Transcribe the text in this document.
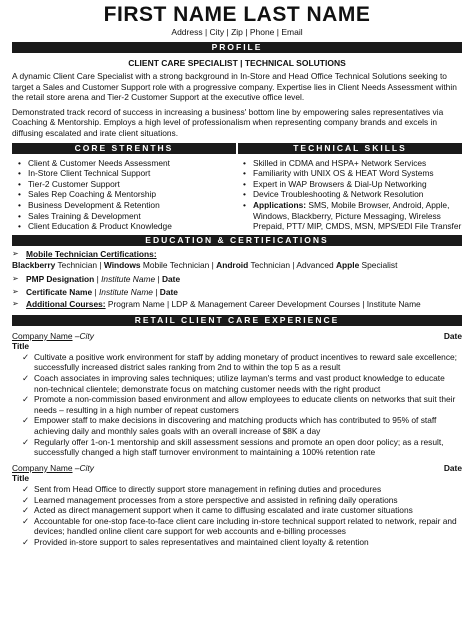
FIRST NAME LAST NAME
Address | City | Zip | Phone | Email
PROFILE
CLIENT CARE SPECIALIST | TECHNICAL SOLUTIONS

A dynamic Client Care Specialist with a strong background in In-Store and Head Office Technical Solutions seeking to target a Sales and Customer Support role with a progressive company. Expertise lies in Client Needs Assessment within the retail store arena and Tier-2 Customer Support at the executive office level.

Demonstrated track record of success in increasing a business' bottom line by empowering sales representatives via Coaching & Mentorship. Employs a high level of professionalism when representing company brands and excels in diffusing escalated and irate client situations.

CORE STRENTHS	TECHNICAL SKILLS
• Client & Customer Needs Assessment
• In-Store Client Technical Support
• Tier-2 Customer Support
• Sales Rep Coaching & Mentorship
• Business Development & Retention
• Sales Training & Development
• Client Education & Product Knowledge
• Skilled in CDMA and HSPA+ Network Services
• Familiarity with UNIX OS & HEAT Word Systems
• Expert in WAP Browsers & Dial-Up Networking
• Device Troubleshooting & Network Resolution
• Applications: SMS, Mobile Browser, Android, Apple, Windows, Blackberry, Picture Messaging, Wireless Prepaid, PTT/ MIP, CMDS, MSN, MPS/EDI File Transfer
EDUCATION & CERTIFICATIONS
➢ Mobile Technician Certifications:
Blackberry Technician | Windows Mobile Technician | Android Technician | Advanced Apple Specialist
➢ PMP Designation | Institute Name | Date
➢ Certificate Name | Institute Name | Date
➢ Additional Courses: Program Name | LDP & Management Career Development Courses | Institute Name
RETAIL CLIENT CARE EXPERIENCE
Company Name –City	Date
Title
✓ Cultivate a positive work environment for staff by adding monetary of product incentives to reward sale excellence; successfully increased district sales ranking from 2nd to within the top 5 as a result
✓ Coach associates in improving sales techniques; utilize layman's terms and vast product knowledge to educate non-technical clientele; demonstrate focus on matching customer needs with the right product
✓ Promote a non-commission based environment and allow employees to educate clients on networks that suit their needs – resulting in a high number of repeat customers
✓ Empower staff to make decisions in discovering and matching products which has contributed to 95% of staff achieving daily and monthly sales goals with an overall increase of $8K a day
✓ Regularly offer 1-on-1 mentorship and skill assessment sessions and promote an open door policy; as a result, successfully changed a high staff turnover environment to maintaining a 100% retention rate
Company Name –City	Date
Title
✓ Sent from Head Office to directly support store management in refining duties and procedures
✓ Learned management processes from a store perspective and assisted in refining daily operations
✓ Acted as direct management support when it came to diffusing escalated and irate customer situations
✓ Accountable for one-stop face-to-face client care including in-store technical support related to network, repair and devices; handled online client care support for web accounts and e-billing processes
✓ Provided in-store support to sales representatives and maintained client loyalty & retention
